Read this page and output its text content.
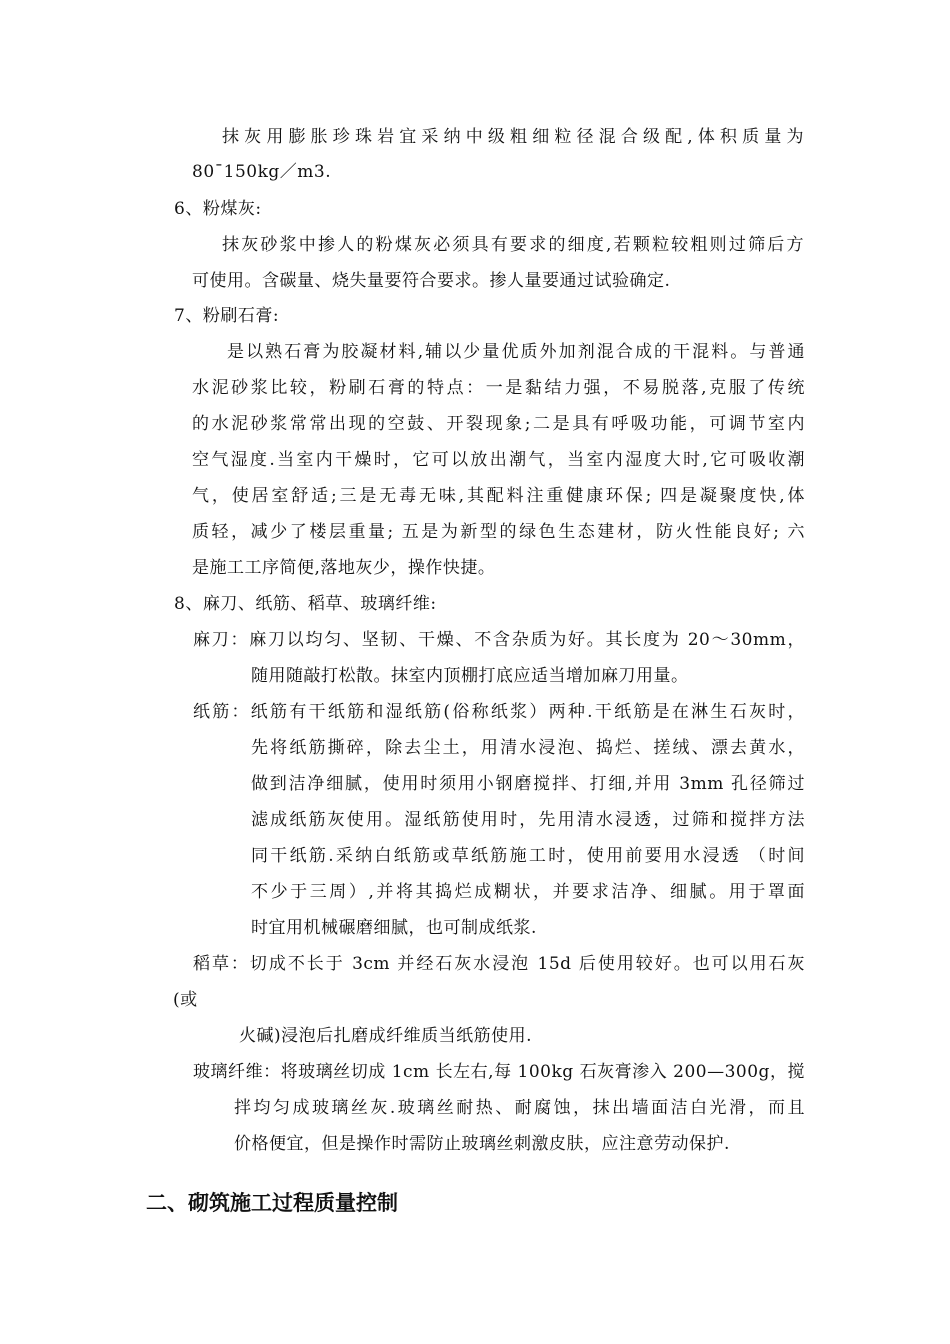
抹灰用膨胀珍珠岩宜采纳中级粗细粒径混合级配,体积质量为
80¯150kg／m3.
6、粉煤灰:
抹灰砂浆中掺人的粉煤灰必须具有要求的细度,若颗粒较粗则过筛后方
可使用。含碳量、烧失量要符合要求。掺人量要通过试验确定.
7、粉刷石膏:
是以熟石膏为胶凝材料,辅以少量优质外加剂混合成的干混料。与普通
水泥砂浆比较，粉刷石膏的特点：一是黏结力强，不易脱落,克服了传统
的水泥砂浆常常出现的空鼓、开裂现象;二是具有呼吸功能，可调节室内
空气湿度.当室内干燥时，它可以放出潮气，当室内湿度大时,它可吸收潮
气，使居室舒适;三是无毒无味,其配料注重健康环保; 四是凝聚度快,体
质轻，减少了楼层重量; 五是为新型的绿色生态建材，防火性能良好; 六
是施工工序简便,落地灰少，操作快捷。
8、麻刀、纸筋、稻草、玻璃纤维:
麻刀：麻刀以均匀、坚韧、干燥、不含杂质为好。其长度为 20～30mm，
随用随敲打松散。抹室内顶棚打底应适当增加麻刀用量。
纸筋：纸筋有干纸筋和湿纸筋(俗称纸浆）两种.干纸筋是在淋生石灰时，
先将纸筋撕碎，除去尘土，用清水浸泡、捣烂、搓绒、漂去黄水，
做到洁净细腻，使用时须用小钢磨搅拌、打细,并用 3mm 孔径筛过
滤成纸筋灰使用。湿纸筋使用时，先用清水浸透，过筛和搅拌方法
同干纸筋.采纳白纸筋或草纸筋施工时，使用前要用水浸透 （时间
不少于三周）,并将其捣烂成糊状，并要求洁净、细腻。用于罩面
时宜用机械碾磨细腻，也可制成纸浆.
稻草：切成不长于 3cm 并经石灰水浸泡 15d 后使用较好。也可以用石灰
(或
火碱)浸泡后扎磨成纤维质当纸筋使用.
玻璃纤维：将玻璃丝切成 1cm 长左右,每 100kg 石灰膏渗入 200—300g，搅
拌均匀成玻璃丝灰.玻璃丝耐热、耐腐蚀，抹出墙面洁白光滑，而且
价格便宜，但是操作时需防止玻璃丝刺激皮肤，应注意劳动保护.
二、砌筑施工过程质量控制
